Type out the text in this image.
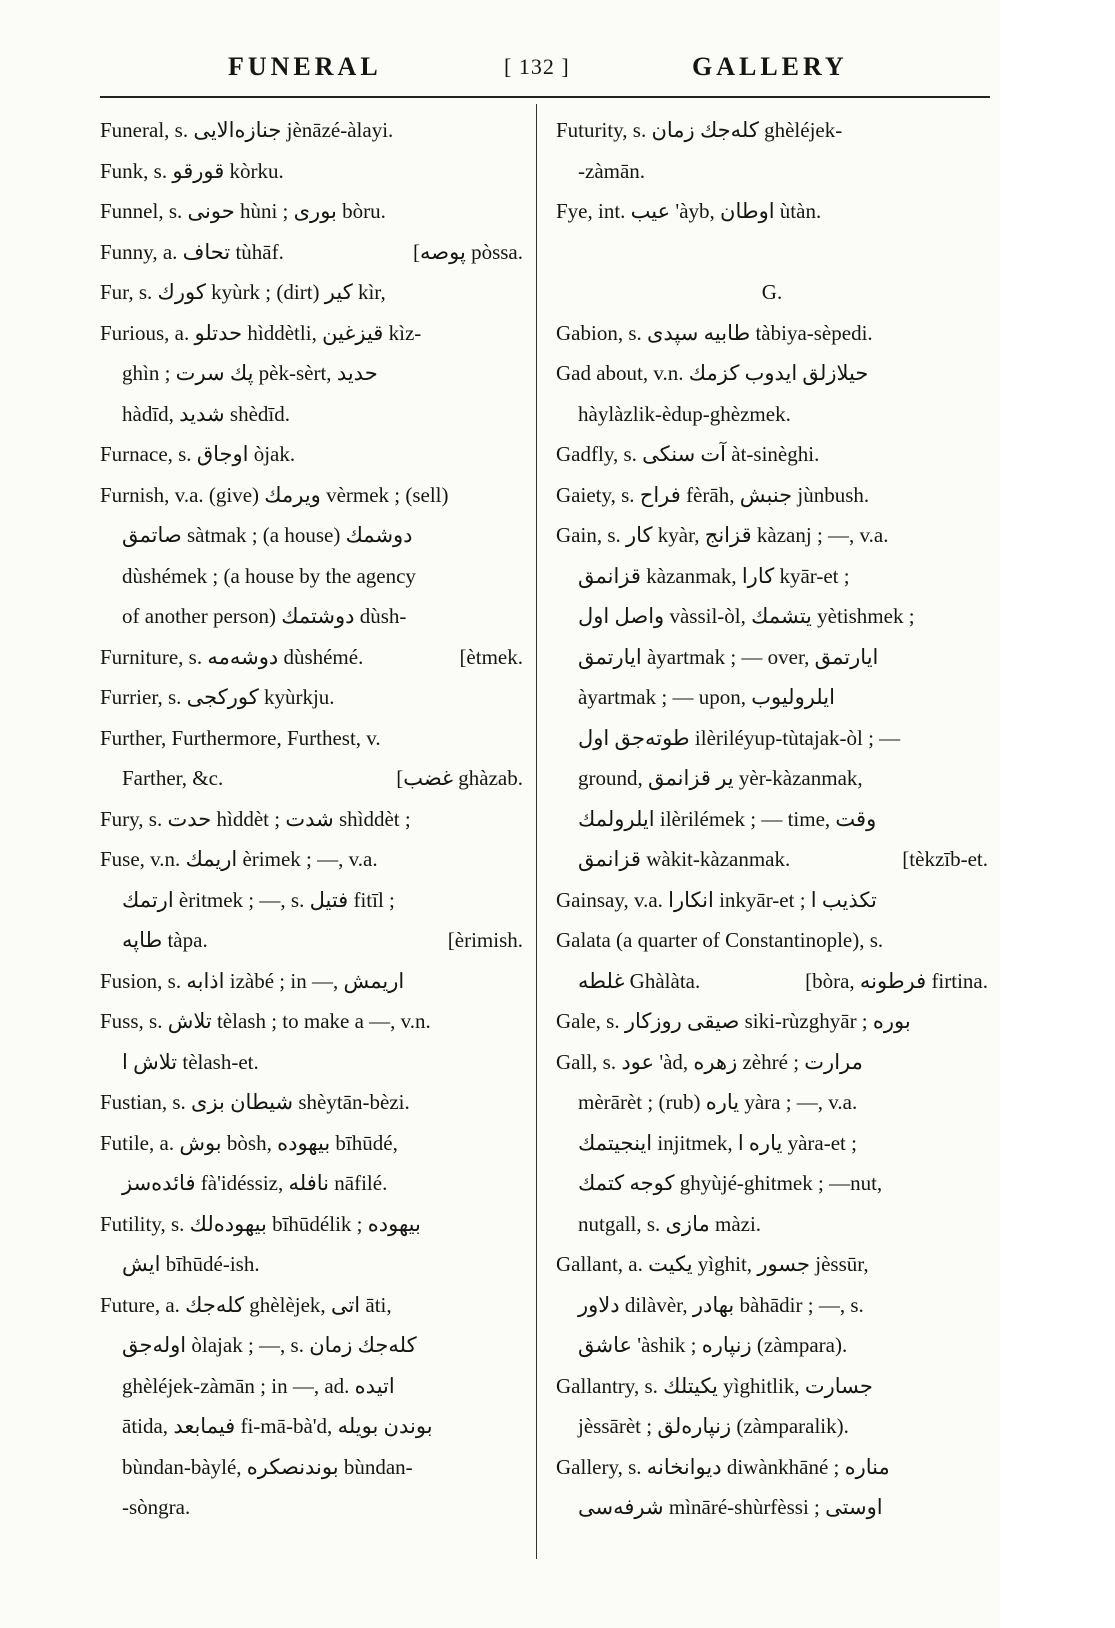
FUNERAL	[ 132 ]	GALLERY
Funeral, s. جنازه‌الایی jènāzé-àlayi.
Funk, s. قورقو kòrku.
Funnel, s. حونی hùni ; بوری bòru.
Funny, a. تحاف tùhāf.	[پوصه pòssa.
Fur, s. کورك kyùrk ; (dirt) کیر kìr,
Furious, a. حدتلو hìddètli, قیزغین kìz-
ghìn ; پك سرت pèk-sèrt, حدید
hàdīd, شدید shèdīd.
Furnace, s. اوجاق òjak.
Furnish, v.a. (give) ویرمك vèrmek ; (sell)
صاتمق sàtmak ; (a house) دوشمك
dùshémek ; (a house by the agency
of another person) دوشتمك dùsh-
Furniture, s. دوشه‌مه dùshémé.	[ètmek.
Furrier, s. کورکجی kyùrkju.
Further, Furthermore, Furthest, v.
Farther, &c.	[غضب ghàzab.
Fury, s. حدت hìddèt ; شدت shìddèt ;
Fuse, v.n. اریمك èrimek ; —, v.a.
ارتمك èritmek ; —, s. فتیل fitīl ;
طاپه tàpa.	[èrimish.
Fusion, s. اذابه izàbé ; in —, اریمش
Fuss, s. تلاش tèlash ; to make a —, v.n.
تلاش ا tèlash-et.
Fustian, s. شیطان بزی shèytān-bèzi.
Futile, a. بوش bòsh, بیهوده bīhūdé,
فائده‌سز fà'idéssiz, نافله nāfilé.
Futility, s. بیهوده‌لك bīhūdélik ; بیهوده
ایش bīhūdé-ish.
Future, a. کله‌جك ghèlèjek, اتی āti,
اوله‌جق òlajak ; —, s. کله‌جك زمان
ghèléjek-zàmān ; in —, ad. اتیده
ātida, فیمابعد fi-mā-bà'd, بوندن بویله
bùndan-bàylé, بوندنصکره bùndan-
-sòngra.
Futurity, s. کله‌جك زمان ghèléjek-
-zàmān.
Fye, int. عیب 'àyb, اوطان ùtàn.
G.
Gabion, s. طابیه سپدی tàbiya-sèpedi.
Gad about, v.n. حیلازلق ایدوب کزمك
hàylàzlik-èdup-ghèzmek.
Gadfly, s. آت سنکی àt-sinèghi.
Gaiety, s. فراح fèrāh, جنبش jùnbush.
Gain, s. کار kyàr, قزانج kàzanj ; —, v.a.
قزانمق kàzanmak, کارا kyār-et ;
واصل اول vàssil-òl, یتشمك yètishmek ;
ایارتمق àyartmak ; — over, ایارتمق
àyartmak ; — upon, ایلرولیوب
طوته‌جق اول ilèriléyup-tùtajak-òl ; —
ground, یر قزانمق yèr-kàzanmak,
ایلرولمك ilèrilémek ; — time, وقت
قزانمق wàkit-kàzanmak.	[tèkzīb-et.
Gainsay, v.a. انکارا inkyār-et ; تکذیب ا
Galata (a quarter of Constantinople), s.
غلطه Ghàlàta.	[bòra, فرطونه firtina.
Gale, s. صیقی روزکار siki-rùzghyār ; بوره
Gall, s. عود 'àd, زهره zèhré ; مرارت
mèrārèt ; (rub) یاره yàra ; —, v.a.
اینجیتمك injitmek, یاره ا yàra-et ;
کوجه کتمك ghyùjé-ghitmek ; —nut,
nutgall, s. مازی màzi.
Gallant, a. یکیت yìghit, جسور jèssūr,
دلاور dilàvèr, بهادر bàhādir ; —, s.
عاشق 'àshik ; زنپاره (zàmpara).
Gallantry, s. یکیتلك yìghitlik, جسارت
jèssārèt ; زنپاره‌لق (zàmparalik).
Gallery, s. دیوانخانه diwànkhāné ; مناره
شرفه‌سی mìnāré-shùrfèssi ; اوستی
